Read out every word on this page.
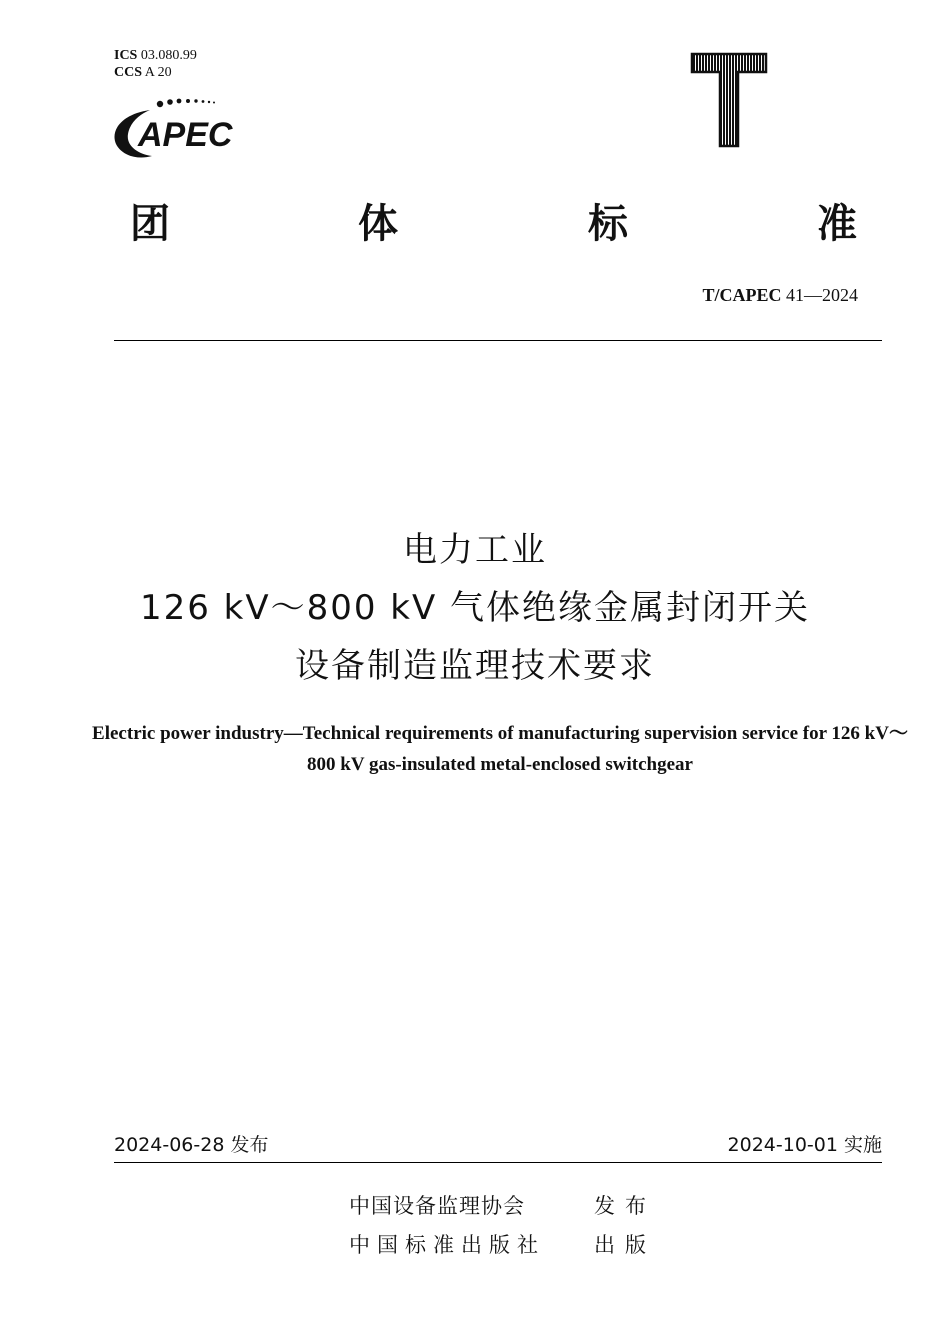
ICS 03.080.99
CCS A 20
APEC
团	体	标	准
T/CAPEC 41—2024
电力工业
126 kV～800 kV 气体绝缘金属封闭开关
设备制造监理技术要求
Electric power industry—Technical requirements of manufacturing supervision service for 126 kV～800 kV gas-insulated metal-enclosed switchgear
2024-06-28 发布	2024-10-01 实施
中国设备监理协会	发布
中国标准出版社 出版
